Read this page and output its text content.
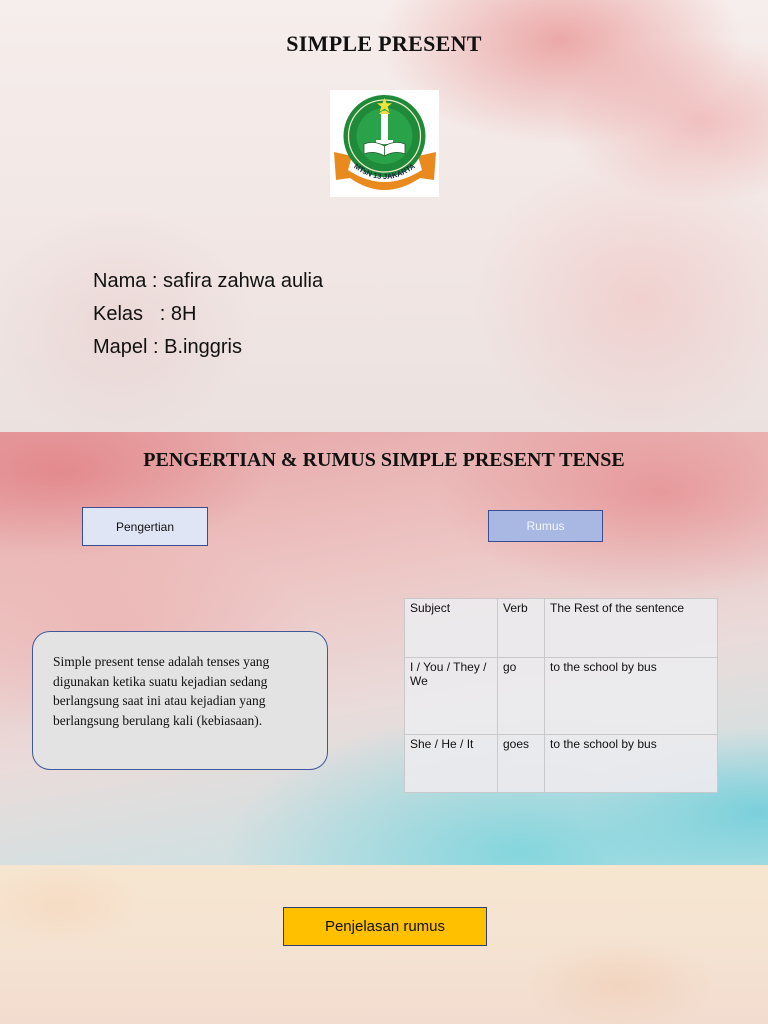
SIMPLE PRESENT
MTsN 13 JAKARTA
Nama : safira zahwa aulia
Kelas   : 8H
Mapel : B.inggris
PENGERTIAN & RUMUS SIMPLE PRESENT TENSE
Pengertian	Rumus
Simple present tense adalah tenses yang digunakan ketika suatu kejadian sedang berlangsung saat ini atau kejadian yang berlangsung berulang kali (kebiasaan).
Subject	Verb	The Rest of the sentence
I / You / They / We	go	to the school by bus
She / He / It	goes	to the school by bus
Penjelasan rumus
